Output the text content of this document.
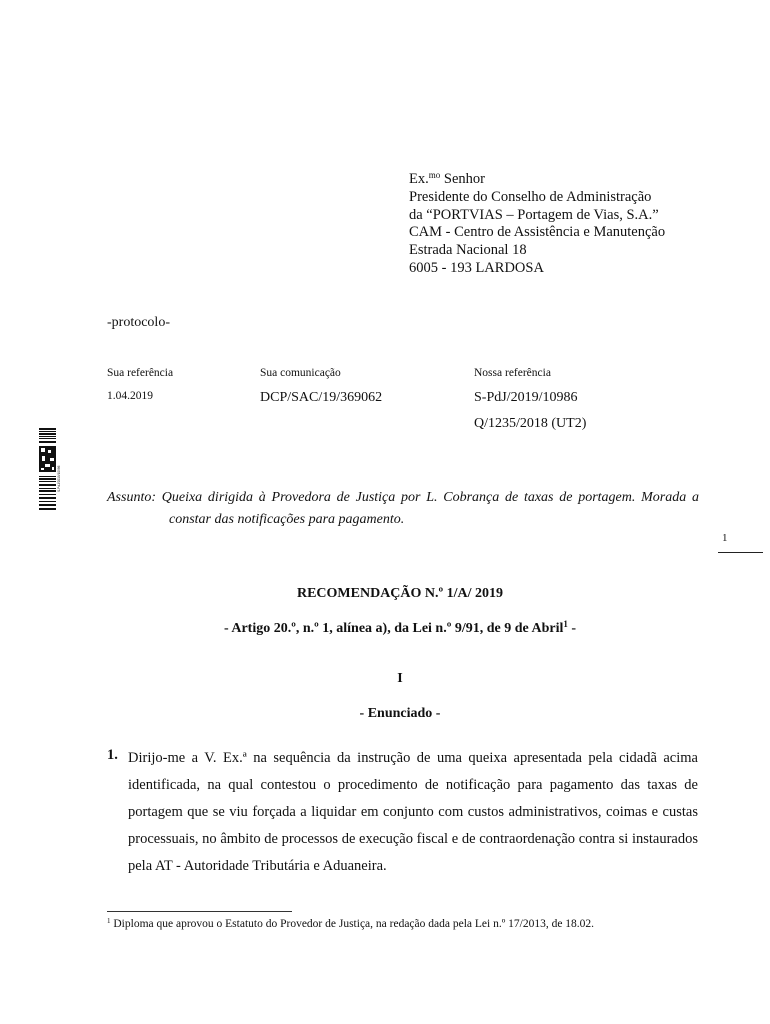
Ex.$^{mo}$ Senhor
Presidente do Conselho de Administração
da “PORTVIAS – Portagem de Vias, S.A.”
CAM - Centro de Assistência e Manutenção
Estrada Nacional 18
6005 - 193 LARDOSA
-protocolo-
Sua referência
1.04.2019
Sua comunicação
DCP/SAC/19/369062
Nossa referência
S-PdJ/2019/10986
Q/1235/2018 (UT2)
S-PdJ/2019/10986
Assunto: Queixa dirigida à Provedora de Justiça por L. Cobrança de taxas de portagem. Morada a
constar das notificações para pagamento.
1
RECOMENDAÇÃO N.º 1/A/ 2019
- Artigo 20.º, n.º 1, alínea a), da Lei n.º 9/91, de 9 de Abril$^1$ -
I
- Enunciado -
1. Dirijo-me a V. Ex.ª na sequência da instrução de uma queixa apresentada pela cidadã acima identificada, na qual contestou o procedimento de notificação para pagamento das taxas de portagem que se viu forçada a liquidar em conjunto com custos administrativos, coimas e custas processuais, no âmbito de processos de execução fiscal e de contraordenação contra si instaurados pela AT - Autoridade Tributária e Aduaneira.
$^1$ Diploma que aprovou o Estatuto do Provedor de Justiça, na redação dada pela Lei n.º 17/2013, de 18.02.
